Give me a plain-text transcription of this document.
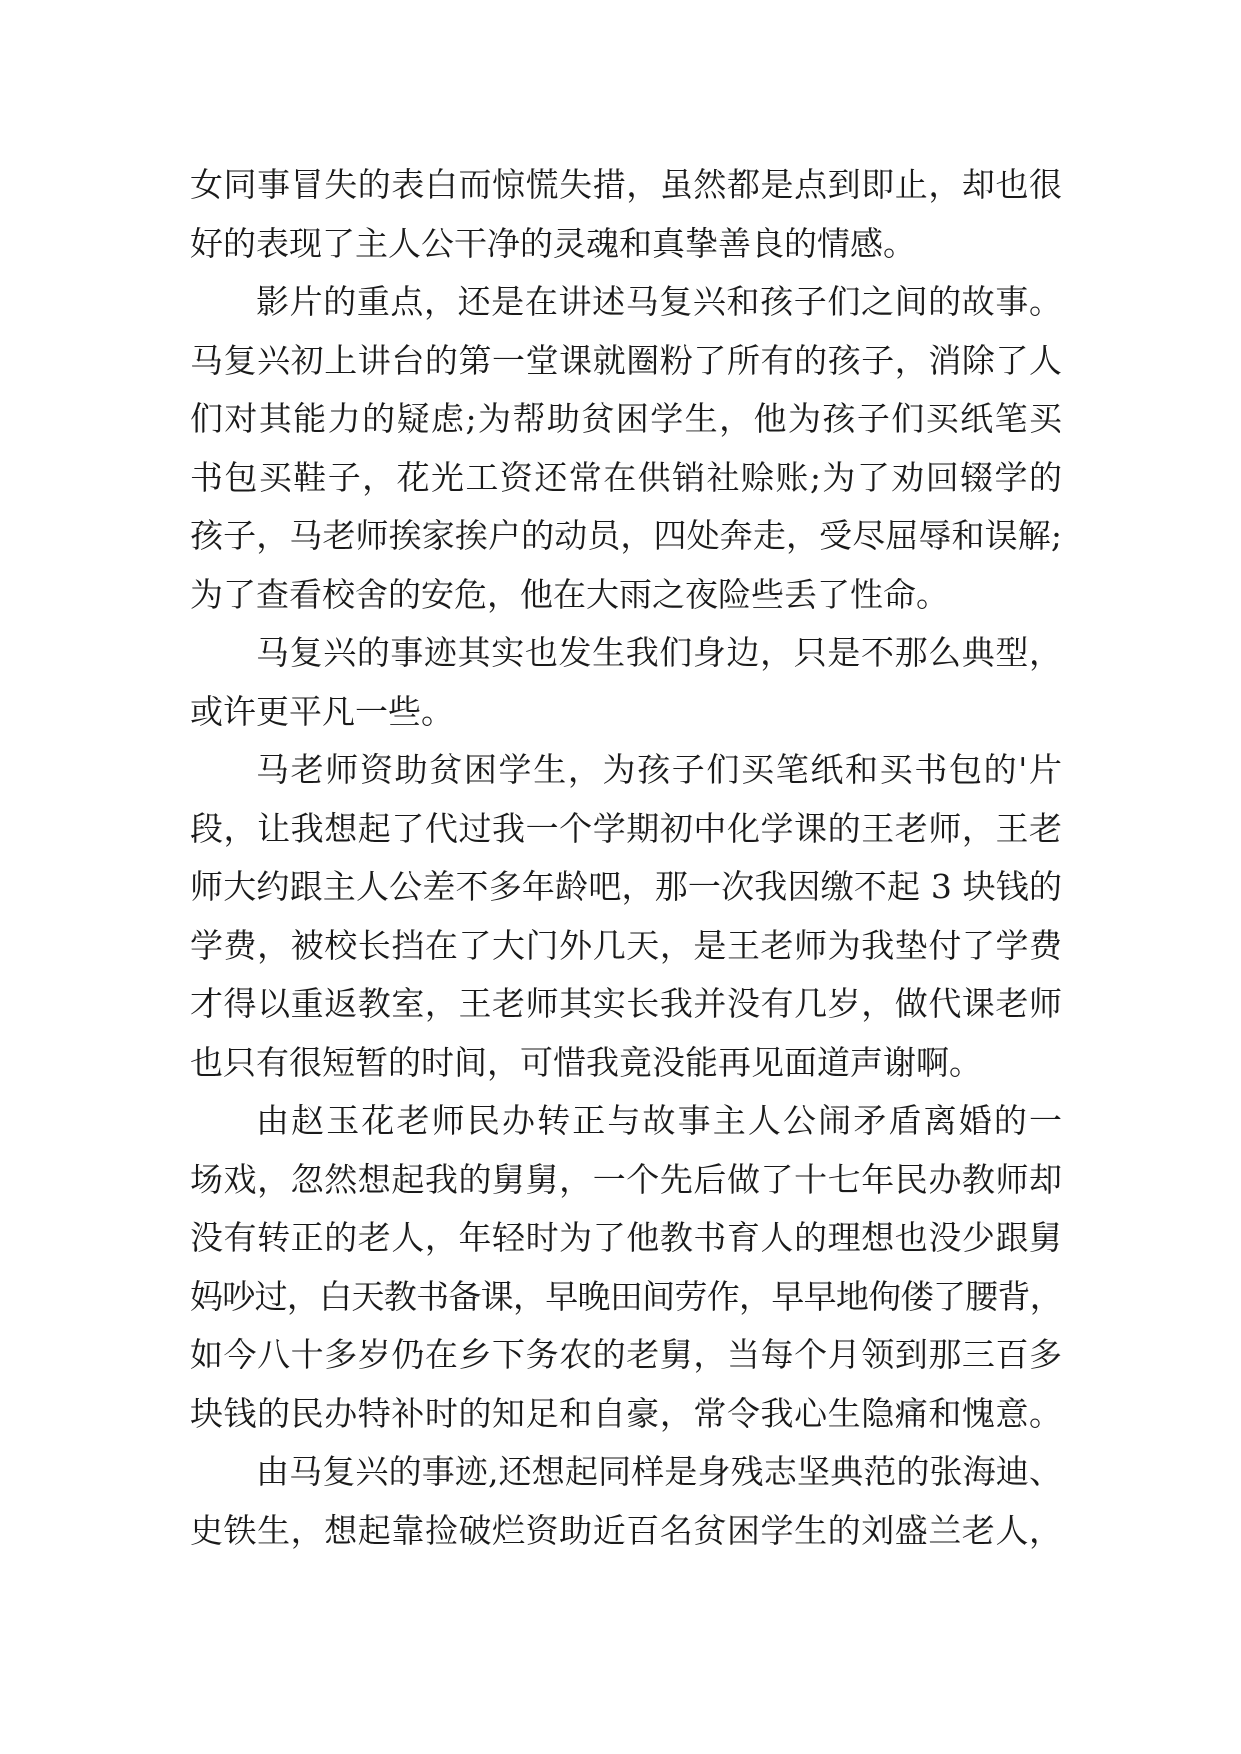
女同事冒失的表白而惊慌失措，虽然都是点到即止，却也很
好的表现了主人公干净的灵魂和真挚善良的情感。
影片的重点，还是在讲述马复兴和孩子们之间的故事。
马复兴初上讲台的第一堂课就圈粉了所有的孩子，消除了人
们对其能力的疑虑;为帮助贫困学生，他为孩子们买纸笔买
书包买鞋子，花光工资还常在供销社赊账;为了劝回辍学的
孩子，马老师挨家挨户的动员，四处奔走，受尽屈辱和误解;
为了查看校舍的安危，他在大雨之夜险些丢了性命。
马复兴的事迹其实也发生我们身边，只是不那么典型，
或许更平凡一些。
马老师资助贫困学生，为孩子们买笔纸和买书包的'片
段，让我想起了代过我一个学期初中化学课的王老师，王老
师大约跟主人公差不多年龄吧，那一次我因缴不起 3 块钱的
学费，被校长挡在了大门外几天，是王老师为我垫付了学费
才得以重返教室，王老师其实长我并没有几岁，做代课老师
也只有很短暂的时间，可惜我竟没能再见面道声谢啊。
由赵玉花老师民办转正与故事主人公闹矛盾离婚的一
场戏，忽然想起我的舅舅，一个先后做了十七年民办教师却
没有转正的老人，年轻时为了他教书育人的理想也没少跟舅
妈吵过，白天教书备课，早晚田间劳作，早早地佝偻了腰背，
如今八十多岁仍在乡下务农的老舅，当每个月领到那三百多
块钱的民办特补时的知足和自豪，常令我心生隐痛和愧意。
由马复兴的事迹,还想起同样是身残志坚典范的张海迪、
史铁生，想起靠捡破烂资助近百名贫困学生的刘盛兰老人，
